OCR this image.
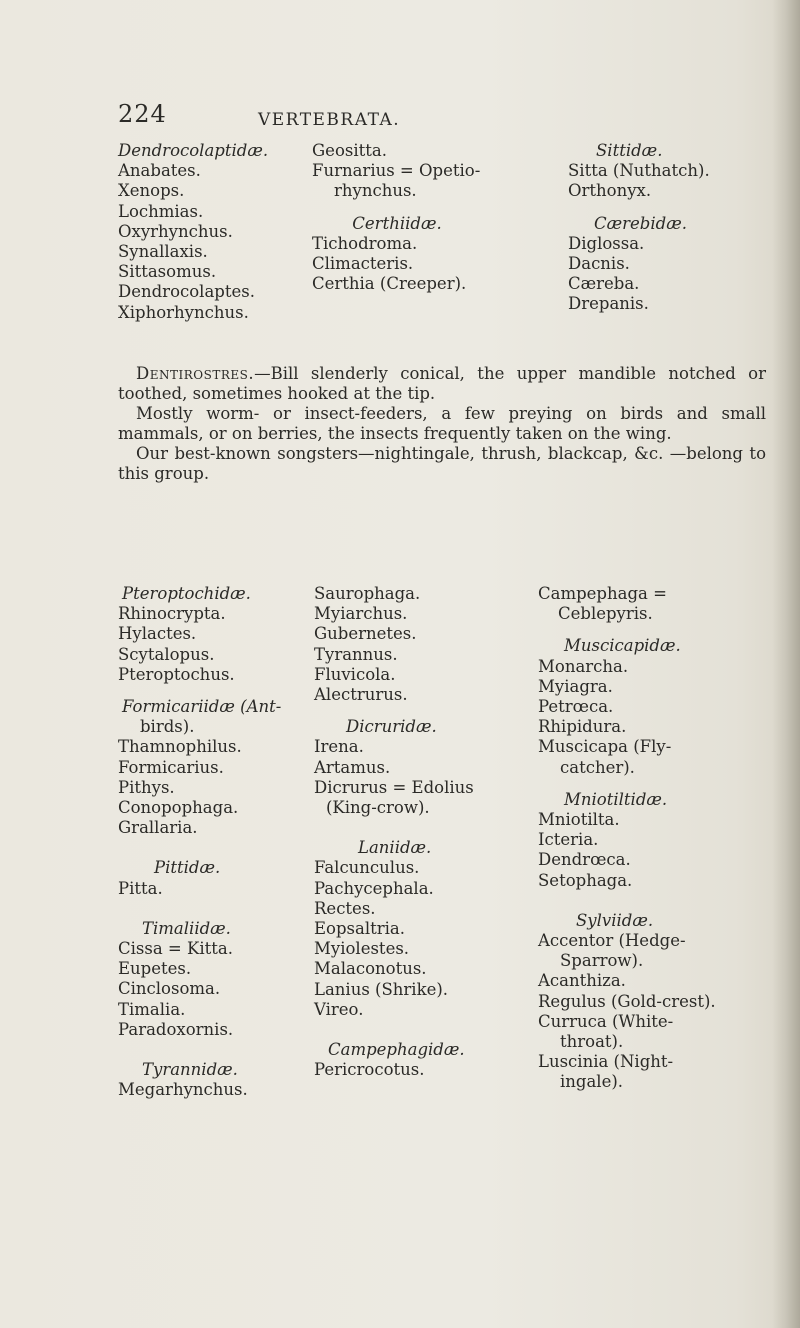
224	VERTEBRATA.
Dendrocolaptidæ.
Anabates.
Xenops.
Lochmias.
Oxyrhynchus.
Synallaxis.
Sittasomus.
Dendrocolaptes.
Xiphorhynchus.
Geositta.
Furnarius = Opetio-
rhynchus.
Certhiidæ.
Tichodroma.
Climacteris.
Certhia (Creeper).
Sittidæ.
Sitta (Nuthatch).
Orthonyx.
Cærebidæ.
Diglossa.
Dacnis.
Cæreba.
Drepanis.

Dentirostres.—Bill slenderly conical, the upper mandible notched or toothed, sometimes hooked at the tip.

Mostly worm- or insect-feeders, a few preying on birds and small mammals, or on berries, the insects frequently taken on the wing.

Our best-known songsters—nightingale, thrush, blackcap, &c. —belong to this group.

Pteroptochidæ.
Rhinocrypta.
Hylactes.
Scytalopus.
Pteroptochus.
Formicariidæ (Ant-
birds).
Thamnophilus.
Formicarius.
Pithys.
Conopophaga.
Grallaria.
Pittidæ.
Pitta.
Timaliidæ.
Cissa = Kitta.
Eupetes.
Cinclosoma.
Timalia.
Paradoxornis.
Tyrannidæ.
Megarhynchus.
Saurophaga.
Myiarchus.
Gubernetes.
Tyrannus.
Fluvicola.
Alectrurus.
Dicruridæ.
Irena.
Artamus.
Dicrurus = Edolius
(King-crow).
Laniidæ.
Falcunculus.
Pachycephala.
Rectes.
Eopsaltria.
Myiolestes.
Malaconotus.
Lanius (Shrike).
Vireo.
Campephagidæ.
Pericrocotus.
Campephaga =
Ceblepyris.
Muscicapidæ.
Monarcha.
Myiagra.
Petrœca.
Rhipidura.
Muscicapa (Fly-
catcher).
Mniotiltidæ.
Mniotilta.
Icteria.
Dendrœca.
Setophaga.
Sylviidæ.
Accentor (Hedge-
Sparrow).
Acanthiza.
Regulus (Gold-crest).
Curruca (White-
throat).
Luscinia (Night-
ingale).
